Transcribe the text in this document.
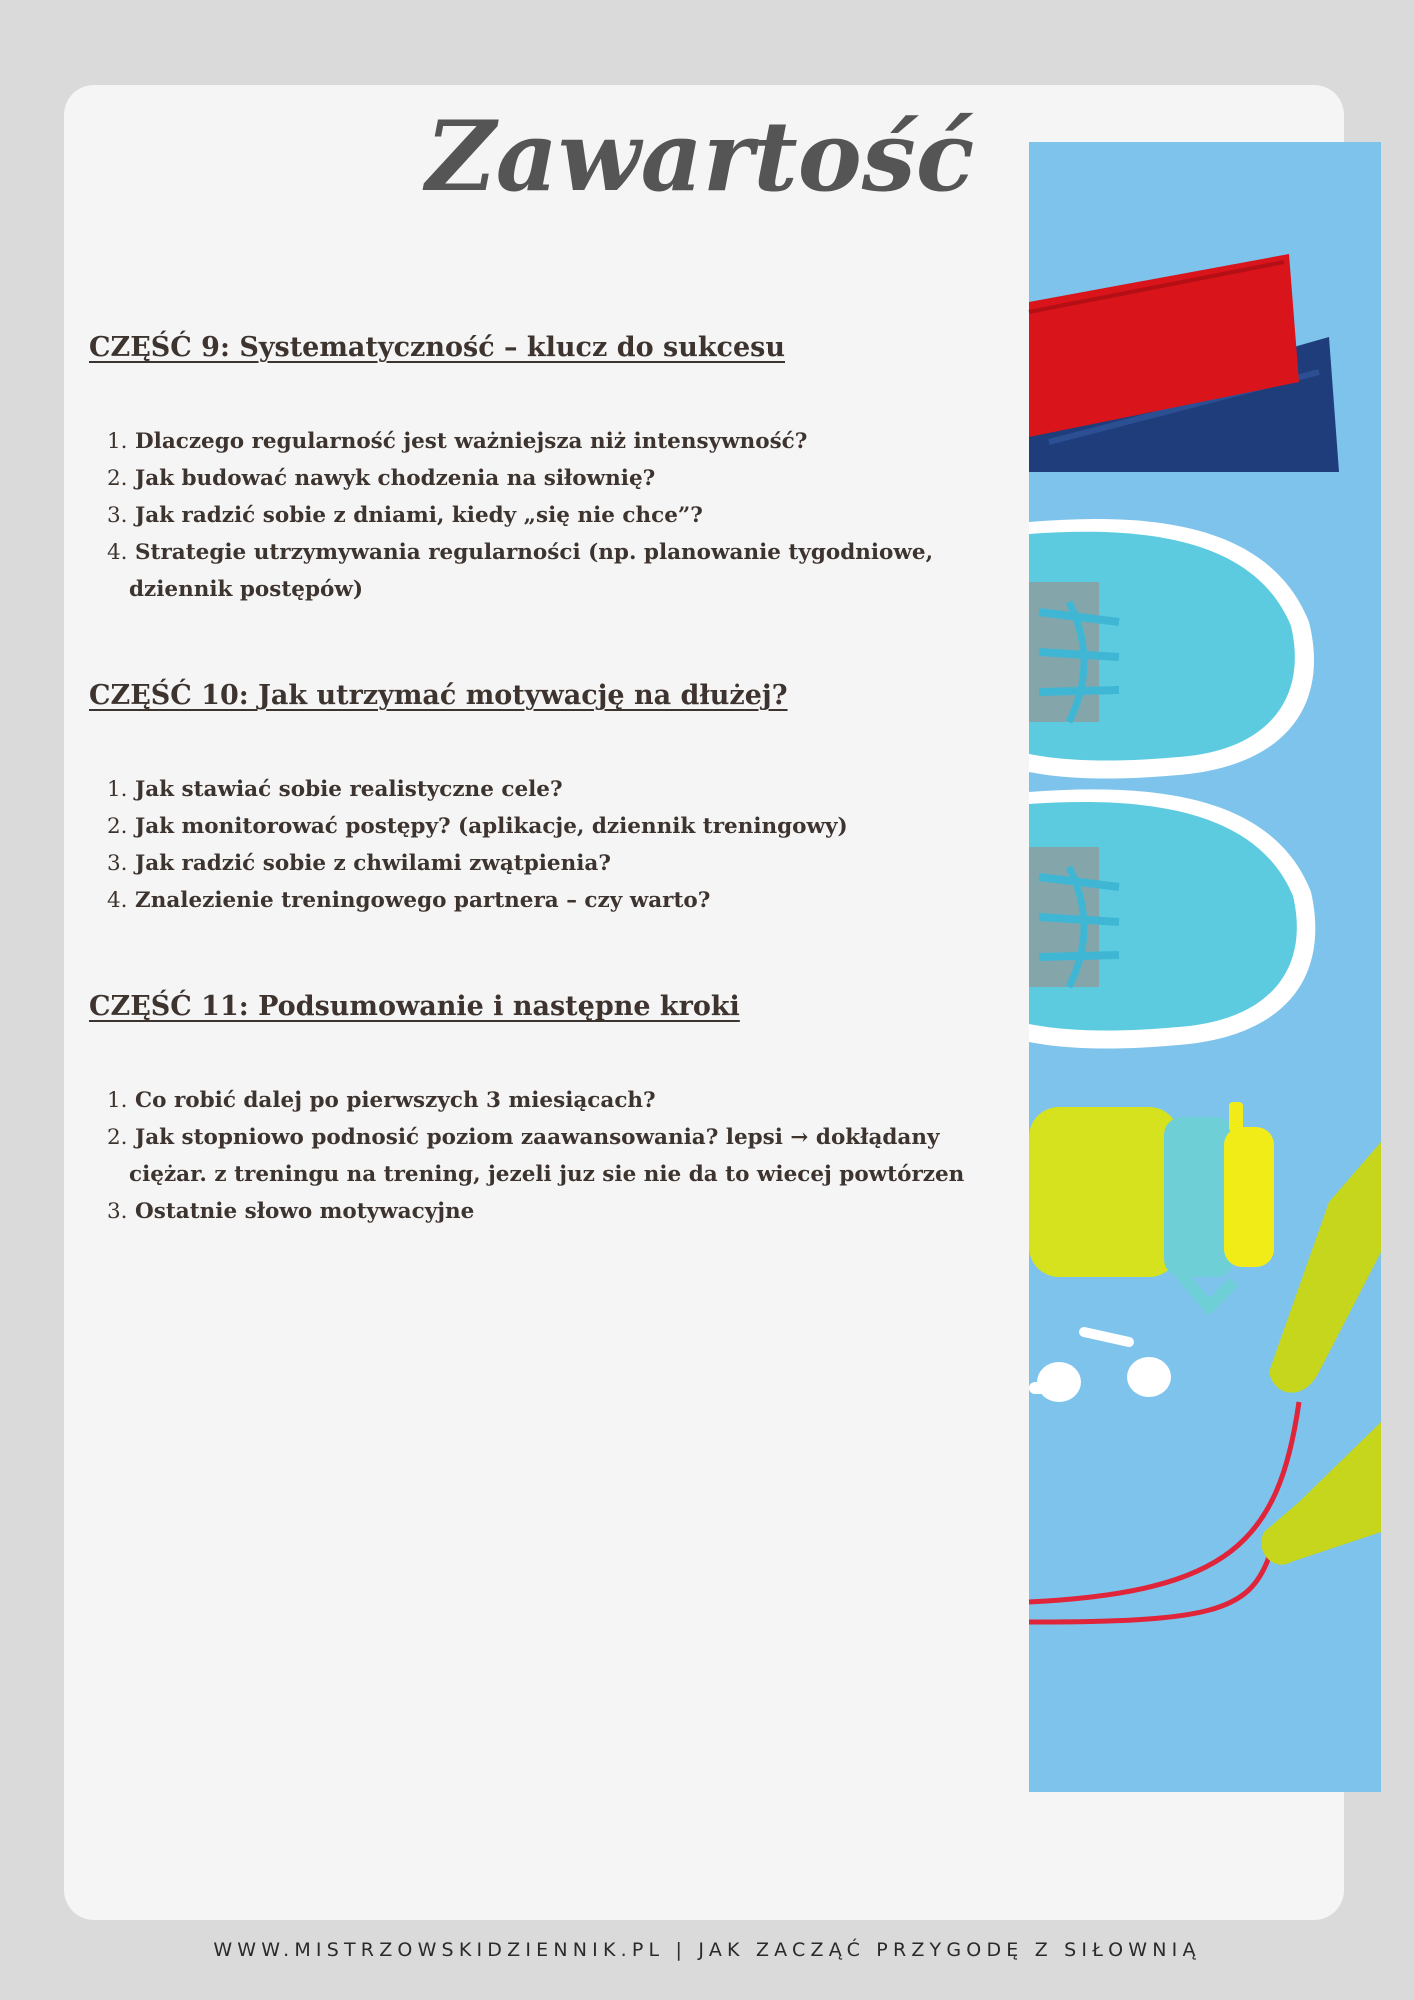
Zawartość
CZĘŚĆ 9: Systematyczność – klucz do sukcesu
1. Dlaczego regularność jest ważniejsza niż intensywność?
2. Jak budować nawyk chodzenia na siłownię?
3. Jak radzić sobie z dniami, kiedy „się nie chce”?
4. Strategie utrzymywania regularności (np. planowanie tygodniowe, dziennik postępów)
CZĘŚĆ 10: Jak utrzymać motywację na dłużej?
1. Jak stawiać sobie realistyczne cele?
2. Jak monitorować postępy? (aplikacje, dziennik treningowy)
3. Jak radzić sobie z chwilami zwątpienia?
4. Znalezienie treningowego partnera – czy warto?
CZĘŚĆ 11: Podsumowanie i następne kroki
1. Co robić dalej po pierwszych 3 miesiącach?
2. Jak stopniowo podnosić poziom zaawansowania? lepsi → dokłądany ciężar. z treningu na trening, jezeli juz sie nie da to wiecej powtórzen
3. Ostatnie słowo motywacyjne
WWW.MISTRZOWSKIDZIENNIK.PL | JAK ZACZĄĆ PRZYGODĘ Z SIŁOWNIĄ
